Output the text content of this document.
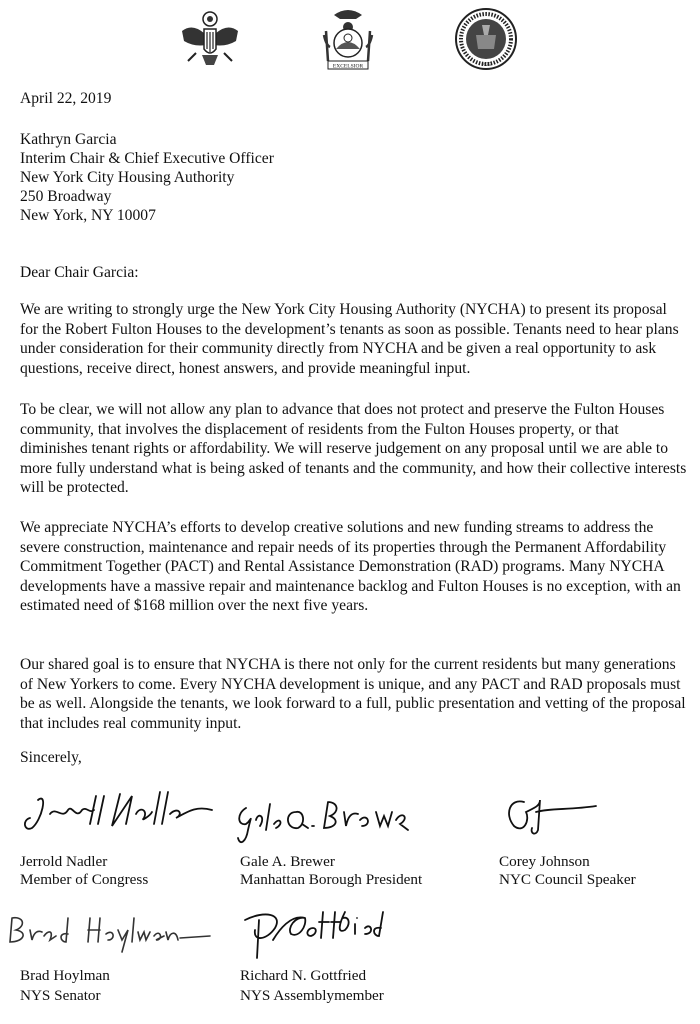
EXCELSIOR	1625
April 22, 2019
Kathryn Garcia
Interim Chair & Chief Executive Officer
New York City Housing Authority
250 Broadway
New York, NY 10007
Dear Chair Garcia:

We are writing to strongly urge the New York City Housing Authority (NYCHA) to present its proposal for the Robert Fulton Houses to the development’s tenants as soon as possible. Tenants need to hear plans under consideration for their community directly from NYCHA and be given a real opportunity to ask questions, receive direct, honest answers, and provide meaningful input.

To be clear, we will not allow any plan to advance that does not protect and preserve the Fulton Houses community, that involves the displacement of residents from the Fulton Houses property, or that diminishes tenant rights or affordability. We will reserve judgement on any proposal until we are able to more fully understand what is being asked of tenants and the community, and how their collective interests will be protected.

We appreciate NYCHA’s efforts to develop creative solutions and new funding streams to address the severe construction, maintenance and repair needs of its properties through the Permanent Affordability Commitment Together (PACT) and Rental Assistance Demonstration (RAD) programs. Many NYCHA developments have a massive repair and maintenance backlog and Fulton Houses is no exception, with an estimated need of $168 million over the next five years.

Our shared goal is to ensure that NYCHA is there not only for the current residents but many generations of New Yorkers to come. Every NYCHA development is unique, and any PACT and RAD proposals must be as well. Alongside the tenants, we look forward to a full, public presentation and vetting of the proposal that includes real community input.

Sincerely,
Jerrold Nadler
Member of Congress
Gale A. Brewer
Manhattan Borough President
Corey Johnson
NYC Council Speaker
Brad Hoylman
NYS Senator
Richard N. Gottfried
NYS Assemblymember
